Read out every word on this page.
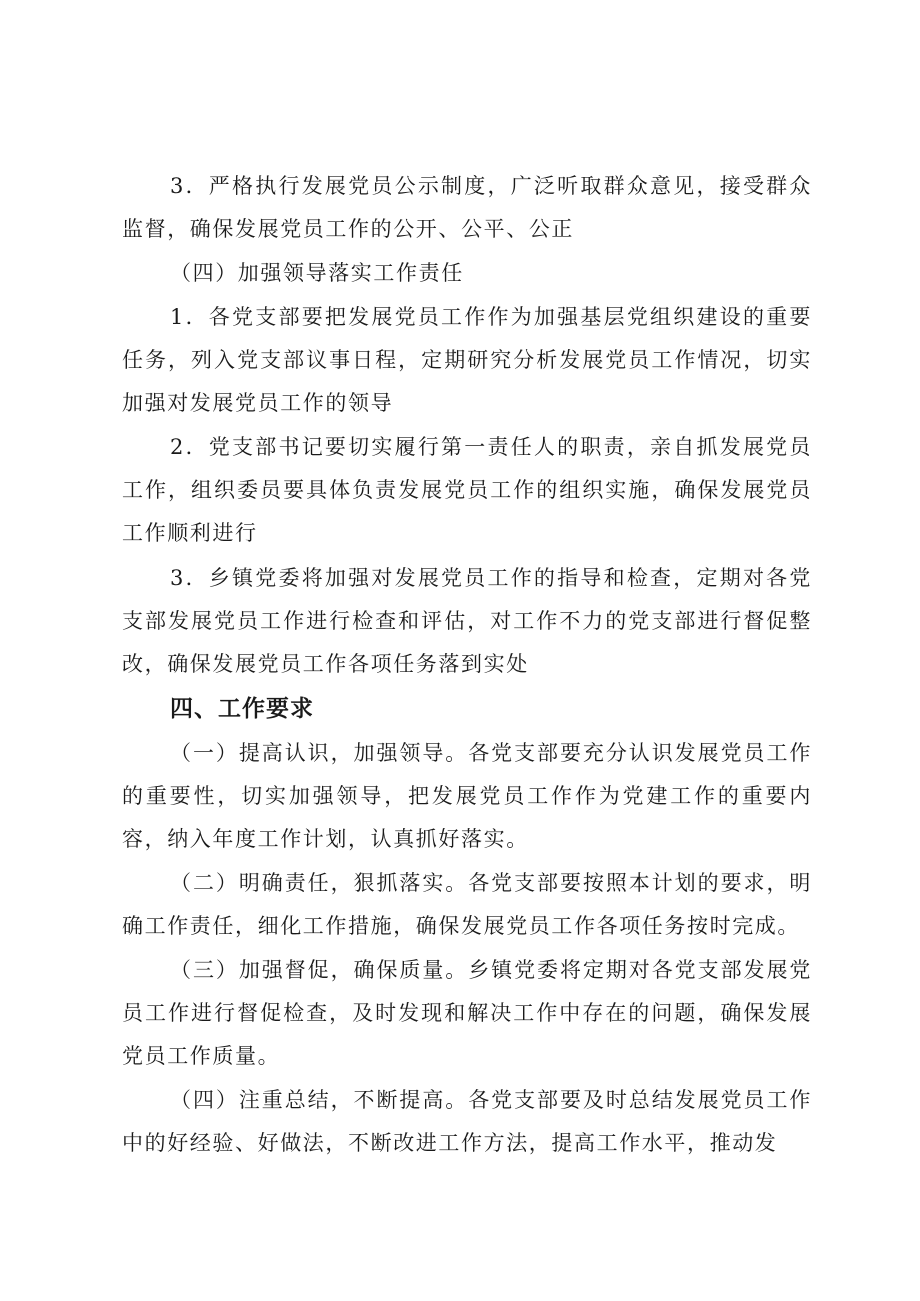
3．严格执行发展党员公示制度，广泛听取群众意见，接受群众监督，确保发展党员工作的公开、公平、公正

（四）加强领导落实工作责任

1．各党支部要把发展党员工作作为加强基层党组织建设的重要任务，列入党支部议事日程，定期研究分析发展党员工作情况，切实加强对发展党员工作的领导

2．党支部书记要切实履行第一责任人的职责，亲自抓发展党员工作，组织委员要具体负责发展党员工作的组织实施，确保发展党员工作顺利进行

3．乡镇党委将加强对发展党员工作的指导和检查，定期对各党支部发展党员工作进行检查和评估，对工作不力的党支部进行督促整改，确保发展党员工作各项任务落到实处

四、工作要求

（一）提高认识，加强领导。各党支部要充分认识发展党员工作的重要性，切实加强领导，把发展党员工作作为党建工作的重要内容，纳入年度工作计划，认真抓好落实。

（二）明确责任，狠抓落实。各党支部要按照本计划的要求，明确工作责任，细化工作措施，确保发展党员工作各项任务按时完成。

（三）加强督促，确保质量。乡镇党委将定期对各党支部发展党员工作进行督促检查，及时发现和解决工作中存在的问题，确保发展党员工作质量。

（四）注重总结，不断提高。各党支部要及时总结发展党员工作中的好经验、好做法，不断改进工作方法，提高工作水平，推动发
